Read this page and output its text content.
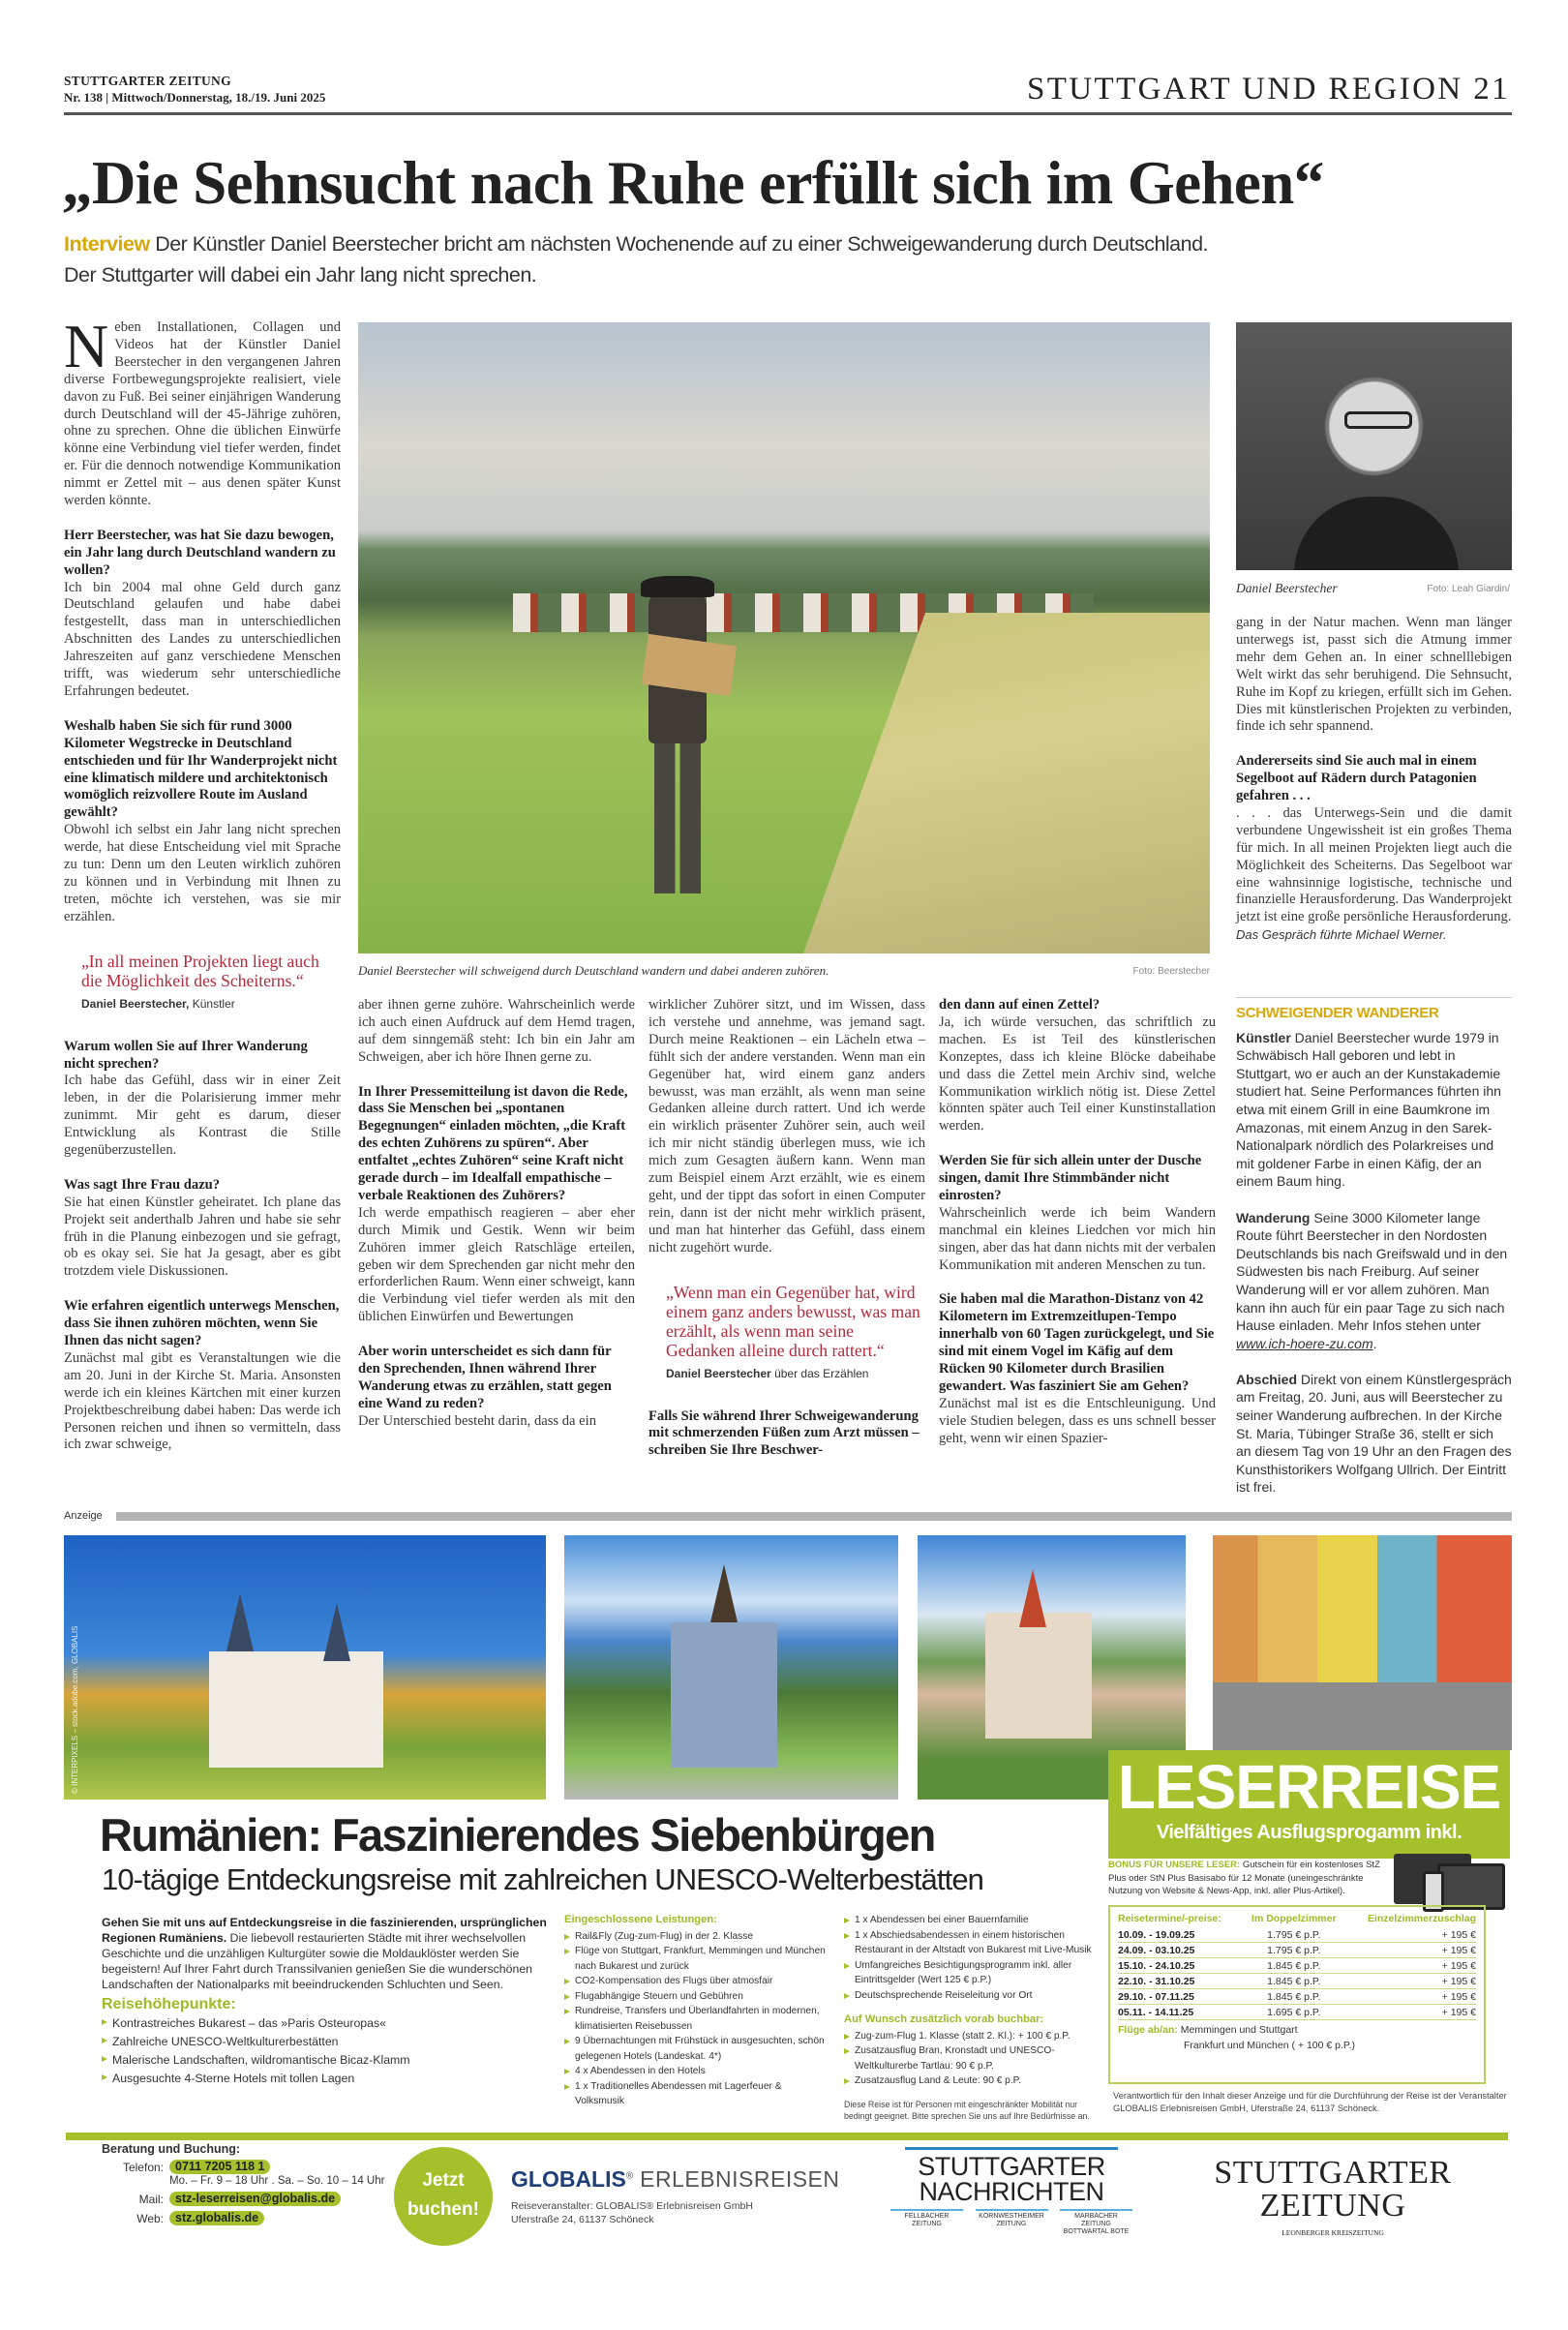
STUTTGARTER ZEITUNG
Nr. 138 | Mittwoch/Donnerstag, 18./19. Juni 2025	STUTTGART UND REGION 21
„Die Sehnsucht nach Ruhe erfüllt sich im Gehen“
Interview Der Künstler Daniel Beerstecher bricht am nächsten Wochenende auf zu einer Schweigewanderung durch Deutschland.
Der Stuttgarter will dabei ein Jahr lang nicht sprechen.
Daniel Beerstecher will schweigend durch Deutschland wandern und dabei anderen zuhören.	Foto: Beerstecher
Daniel Beerstecher	Foto: Leah Giardin/

Neben Installationen, Collagen und Videos hat der Künstler Daniel Beerstecher in den vergangenen Jahren diverse Fortbewegungsprojekte realisiert, viele davon zu Fuß. Bei seiner einjährigen Wanderung durch Deutschland will der 45-Jährige zuhören, ohne zu sprechen. Ohne die üblichen Einwürfe könne eine Verbindung viel tiefer werden, findet er. Für die dennoch notwendige Kommunikation nimmt er Zettel mit – aus denen später Kunst werden könnte.

Herr Beerstecher, was hat Sie dazu bewogen, ein Jahr lang durch Deutschland wandern zu wollen?

Ich bin 2004 mal ohne Geld durch ganz Deutschland gelaufen und habe dabei festgestellt, dass man in unterschiedlichen Abschnitten des Landes zu unterschiedlichen Jahreszeiten auf ganz verschiedene Menschen trifft, was wiederum sehr unterschiedliche Erfahrungen bedeutet.

Weshalb haben Sie sich für rund 3000 Kilometer Wegstrecke in Deutschland entschieden und für Ihr Wanderprojekt nicht eine klimatisch mildere und architektonisch womöglich reizvollere Route im Ausland gewählt?

Obwohl ich selbst ein Jahr lang nicht sprechen werde, hat diese Entscheidung viel mit Sprache zu tun: Denn um den Leuten wirklich zuhören zu können und in Verbindung mit Ihnen zu treten, möchte ich verstehen, was sie mir erzählen.

„In all meinen Projekten liegt auch die Möglichkeit des Scheiterns.“
Daniel Beerstecher, Künstler

Warum wollen Sie auf Ihrer Wanderung nicht sprechen?

Ich habe das Gefühl, dass wir in einer Zeit leben, in der die Polarisierung immer mehr zunimmt. Mir geht es darum, dieser Entwicklung als Kontrast die Stille gegenüberzustellen.

Was sagt Ihre Frau dazu?

Sie hat einen Künstler geheiratet. Ich plane das Projekt seit anderthalb Jahren und habe sie sehr früh in die Planung einbezogen und sie gefragt, ob es okay sei. Sie hat Ja gesagt, aber es gibt trotzdem viele Diskussionen.

Wie erfahren eigentlich unterwegs Menschen, dass Sie ihnen zuhören möchten, wenn Sie Ihnen das nicht sagen?

Zunächst mal gibt es Veranstaltungen wie die am 20. Juni in der Kirche St. Maria. Ansonsten werde ich ein kleines Kärtchen mit einer kurzen Projektbeschreibung dabei haben: Das werde ich Personen reichen und ihnen so vermitteln, dass ich zwar schweige,

aber ihnen gerne zuhöre. Wahrscheinlich werde ich auch einen Aufdruck auf dem Hemd tragen, auf dem sinngemäß steht: Ich bin ein Jahr am Schweigen, aber ich höre Ihnen gerne zu.

In Ihrer Pressemitteilung ist davon die Rede, dass Sie Menschen bei „spontanen Begegnungen“ einladen möchten, „die Kraft des echten Zuhörens zu spüren“. Aber entfaltet „echtes Zuhören“ seine Kraft nicht gerade durch – im Idealfall empathische – verbale Reaktionen des Zuhörers?

Ich werde empathisch reagieren – aber eher durch Mimik und Gestik. Wenn wir beim Zuhören immer gleich Ratschläge erteilen, geben wir dem Sprechenden gar nicht mehr den erforderlichen Raum. Wenn einer schweigt, kann die Verbindung viel tiefer werden als mit den üblichen Einwürfen und Bewertungen

Aber worin unterscheidet es sich dann für den Sprechenden, Ihnen während Ihrer Wanderung etwas zu erzählen, statt gegen eine Wand zu reden?

Der Unterschied besteht darin, dass da ein

wirklicher Zuhörer sitzt, und im Wissen, dass ich verstehe und annehme, was jemand sagt. Durch meine Reaktionen – ein Lächeln etwa – fühlt sich der andere verstanden. Wenn man ein Gegenüber hat, wird einem ganz anders bewusst, was man erzählt, als wenn man seine Gedanken alleine durch rattert. Und ich werde ein wirklich präsenter Zuhörer sein, auch weil ich mir nicht ständig überlegen muss, wie ich mich zum Gesagten äußern kann. Wenn man zum Beispiel einem Arzt erzählt, wie es einem geht, und der tippt das sofort in einen Computer rein, dann ist der nicht mehr wirklich präsent, und man hat hinterher das Gefühl, dass einem nicht zugehört wurde.

„Wenn man ein Gegenüber hat, wird einem ganz anders bewusst, was man erzählt, als wenn man seine Gedanken alleine durch rattert.“
Daniel Beerstecher über das Erzählen

Falls Sie während Ihrer Schweigewanderung mit schmerzenden Füßen zum Arzt müssen – schreiben Sie Ihre Beschwer-

den dann auf einen Zettel?

Ja, ich würde versuchen, das schriftlich zu machen. Es ist Teil des künstlerischen Konzeptes, dass ich kleine Blöcke dabeihabe und dass die Zettel mein Archiv sind, welche Kommunikation wirklich nötig ist. Diese Zettel könnten später auch Teil einer Kunstinstallation werden.

Werden Sie für sich allein unter der Dusche singen, damit Ihre Stimmbänder nicht einrosten?

Wahrscheinlich werde ich beim Wandern manchmal ein kleines Liedchen vor mich hin singen, aber das hat dann nichts mit der verbalen Kommunikation mit anderen Menschen zu tun.

Sie haben mal die Marathon-Distanz von 42 Kilometern im Extremzeitlupen-Tempo innerhalb von 60 Tagen zurückgelegt, und Sie sind mit einem Vogel im Käfig auf dem Rücken 90 Kilometer durch Brasilien gewandert. Was fasziniert Sie am Gehen?

Zunächst mal ist es die Entschleunigung. Und viele Studien belegen, dass es uns schnell besser geht, wenn wir einen Spazier-

gang in der Natur machen. Wenn man länger unterwegs ist, passt sich die Atmung immer mehr dem Gehen an. In einer schnelllebigen Welt wirkt das sehr beruhigend. Die Sehnsucht, Ruhe im Kopf zu kriegen, erfüllt sich im Gehen. Dies mit künstlerischen Projekten zu verbinden, finde ich sehr spannend.

Andererseits sind Sie auch mal in einem Segelboot auf Rädern durch Patagonien gefahren . . .

. . . das Unterwegs-Sein und die damit verbundene Ungewissheit ist ein großes Thema für mich. In all meinen Projekten liegt auch die Möglichkeit des Scheiterns. Das Segelboot war eine wahnsinnige logistische, technische und finanzielle Herausforderung. Das Wanderprojekt jetzt ist eine große persönliche Herausforderung.

Das Gespräch führte Michael Werner.

SCHWEIGENDER WANDERER

Künstler Daniel Beerstecher wurde 1979 in Schwäbisch Hall geboren und lebt in Stuttgart, wo er auch an der Kunstakademie studiert hat. Seine Performances führten ihn etwa mit einem Grill in eine Baumkrone im Amazonas, mit einem Anzug in den Sarek-Nationalpark nördlich des Polarkreises und mit goldener Farbe in einen Käfig, der an einem Baum hing.

Wanderung Seine 3000 Kilometer lange Route führt Beerstecher in den Nordosten Deutschlands bis nach Greifswald und in den Südwesten bis nach Freiburg. Auf seiner Wanderung will er vor allem zuhören. Man kann ihn auch für ein paar Tage zu sich nach Hause einladen. Mehr Infos stehen unter www.ich-hoere-zu.com.

Abschied Direkt von einem Künstlergespräch am Freitag, 20. Juni, aus will Beerstecher zu seiner Wanderung aufbrechen. In der Kirche St. Maria, Tübinger Straße 36, stellt er sich an diesem Tag von 19 Uhr an den Fragen des Kunsthistorikers Wolfgang Ullrich. Der Eintritt ist frei.

Anzeige
© INTERPIXELS – stock.adobe.com, GLOBALIS	LESERREISE
Vielfältiges Ausflugsprogamm inkl.
Rumänien: Faszinierendes Siebenbürgen
10-tägige Entdeckungsreise mit zahlreichen UNESCO-Welterbestätten

Gehen Sie mit uns auf Entdeckungsreise in die faszinierenden, ursprünglichen Regionen Rumäniens. Die liebevoll restaurierten Städte mit ihrer wechselvollen Geschichte und die unzähligen Kulturgüter sowie die Moldauklöster werden Sie begeistern! Auf Ihrer Fahrt durch Transsilvanien genießen Sie die wunderschönen Landschaften der Nationalparks mit beeindruckenden Schluchten und Seen.

Reisehöhepunkte:
Kontrastreiches Bukarest – das »Paris Osteuropas«
Zahlreiche UNESCO-Weltkulturerbestätten
Malerische Landschaften, wildromantische Bicaz-Klamm
Ausgesuchte 4-Sterne Hotels mit tollen Lagen
Eingeschlossene Leistungen:
Rail&Fly (Zug-zum-Flug) in der 2. Klasse
Flüge von Stuttgart, Frankfurt, Memmingen und München nach Bukarest und zurück
CO2-Kompensation des Flugs über atmosfair
Flugabhängige Steuern und Gebühren
Rundreise, Transfers und Überlandfahrten in modernen, klimatisierten Reisebussen
9 Übernachtungen mit Frühstück in ausgesuchten, schön gelegenen Hotels (Landeskat. 4*)
4 x Abendessen in den Hotels
1 x Traditionelles Abendessen mit Lagerfeuer & Volksmusik
1 x Abendessen bei einer Bauernfamilie
1 x Abschiedsabendessen in einem historischen Restaurant in der Altstadt von Bukarest mit Live-Musik
Umfangreiches Besichtigungsprogramm inkl. aller Eintrittsgelder (Wert 125 € p.P.)
Deutschsprechende Reiseleitung vor Ort
Auf Wunsch zusätzlich vorab buchbar:
Zug-zum-Flug 1. Klasse (statt 2. Kl.): + 100 € p.P.
Zusatzausflug Bran, Kronstadt und UNESCO-Weltkulturerbe Tartlau: 90 € p.P.
Zusatzausflug Land & Leute: 90 € p.P.
Diese Reise ist für Personen mit eingeschränkter Mobilität nur bedingt geeignet. Bitte sprechen Sie uns auf Ihre Bedürfnisse an.
BONUS FÜR UNSERE LESER: Gutschein für ein kostenloses StZ Plus oder StN Plus Basisabo für 12 Monate (uneingeschränkte Nutzung von Website & News-App, inkl. aller Plus-Artikel).
Reisetermine/-preise:	Im Doppelzimmer	Einzelzimmerzuschlag
10.09. - 19.09.25	1.795 € p.P.	+ 195 €
24.09. - 03.10.25	1.795 € p.P.	+ 195 €
15.10. - 24.10.25	1.845 € p.P.	+ 195 €
22.10. - 31.10.25	1.845 € p.P.	+ 195 €
29.10. - 07.11.25	1.845 € p.P.	+ 195 €
05.11. - 14.11.25	1.695 € p.P.	+ 195 €
Flüge ab/an: Memmingen und Stuttgart
Frankfurt und München ( + 100 € p.P.)
Verantwortlich für den Inhalt dieser Anzeige und für die Durchführung der Reise ist der Veranstalter GLOBALIS Erlebnisreisen GmbH, Uferstraße 24, 61137 Schöneck.
Beratung und Buchung:
Telefon: 0711 7205 118 1
Mo. – Fr. 9 – 18 Uhr . Sa. – So. 10 – 14 Uhr
Mail: stz-leserreisen@globalis.de
Web: stz.globalis.de
Jetzt
buchen!
GLOBALIS® ERLEBNISREISEN
Reiseveranstalter: GLOBALIS® Erlebnisreisen GmbH
Uferstraße 24, 61137 Schöneck
STUTTGARTER
NACHRICHTEN
FELLBACHER ZEITUNG
KORNWESTHEIMER ZEITUNG
MARBACHER ZEITUNG BOTTWARTAL BOTE
STUTTGARTER
ZEITUNG
LEONBERGER KREISZEITUNG
